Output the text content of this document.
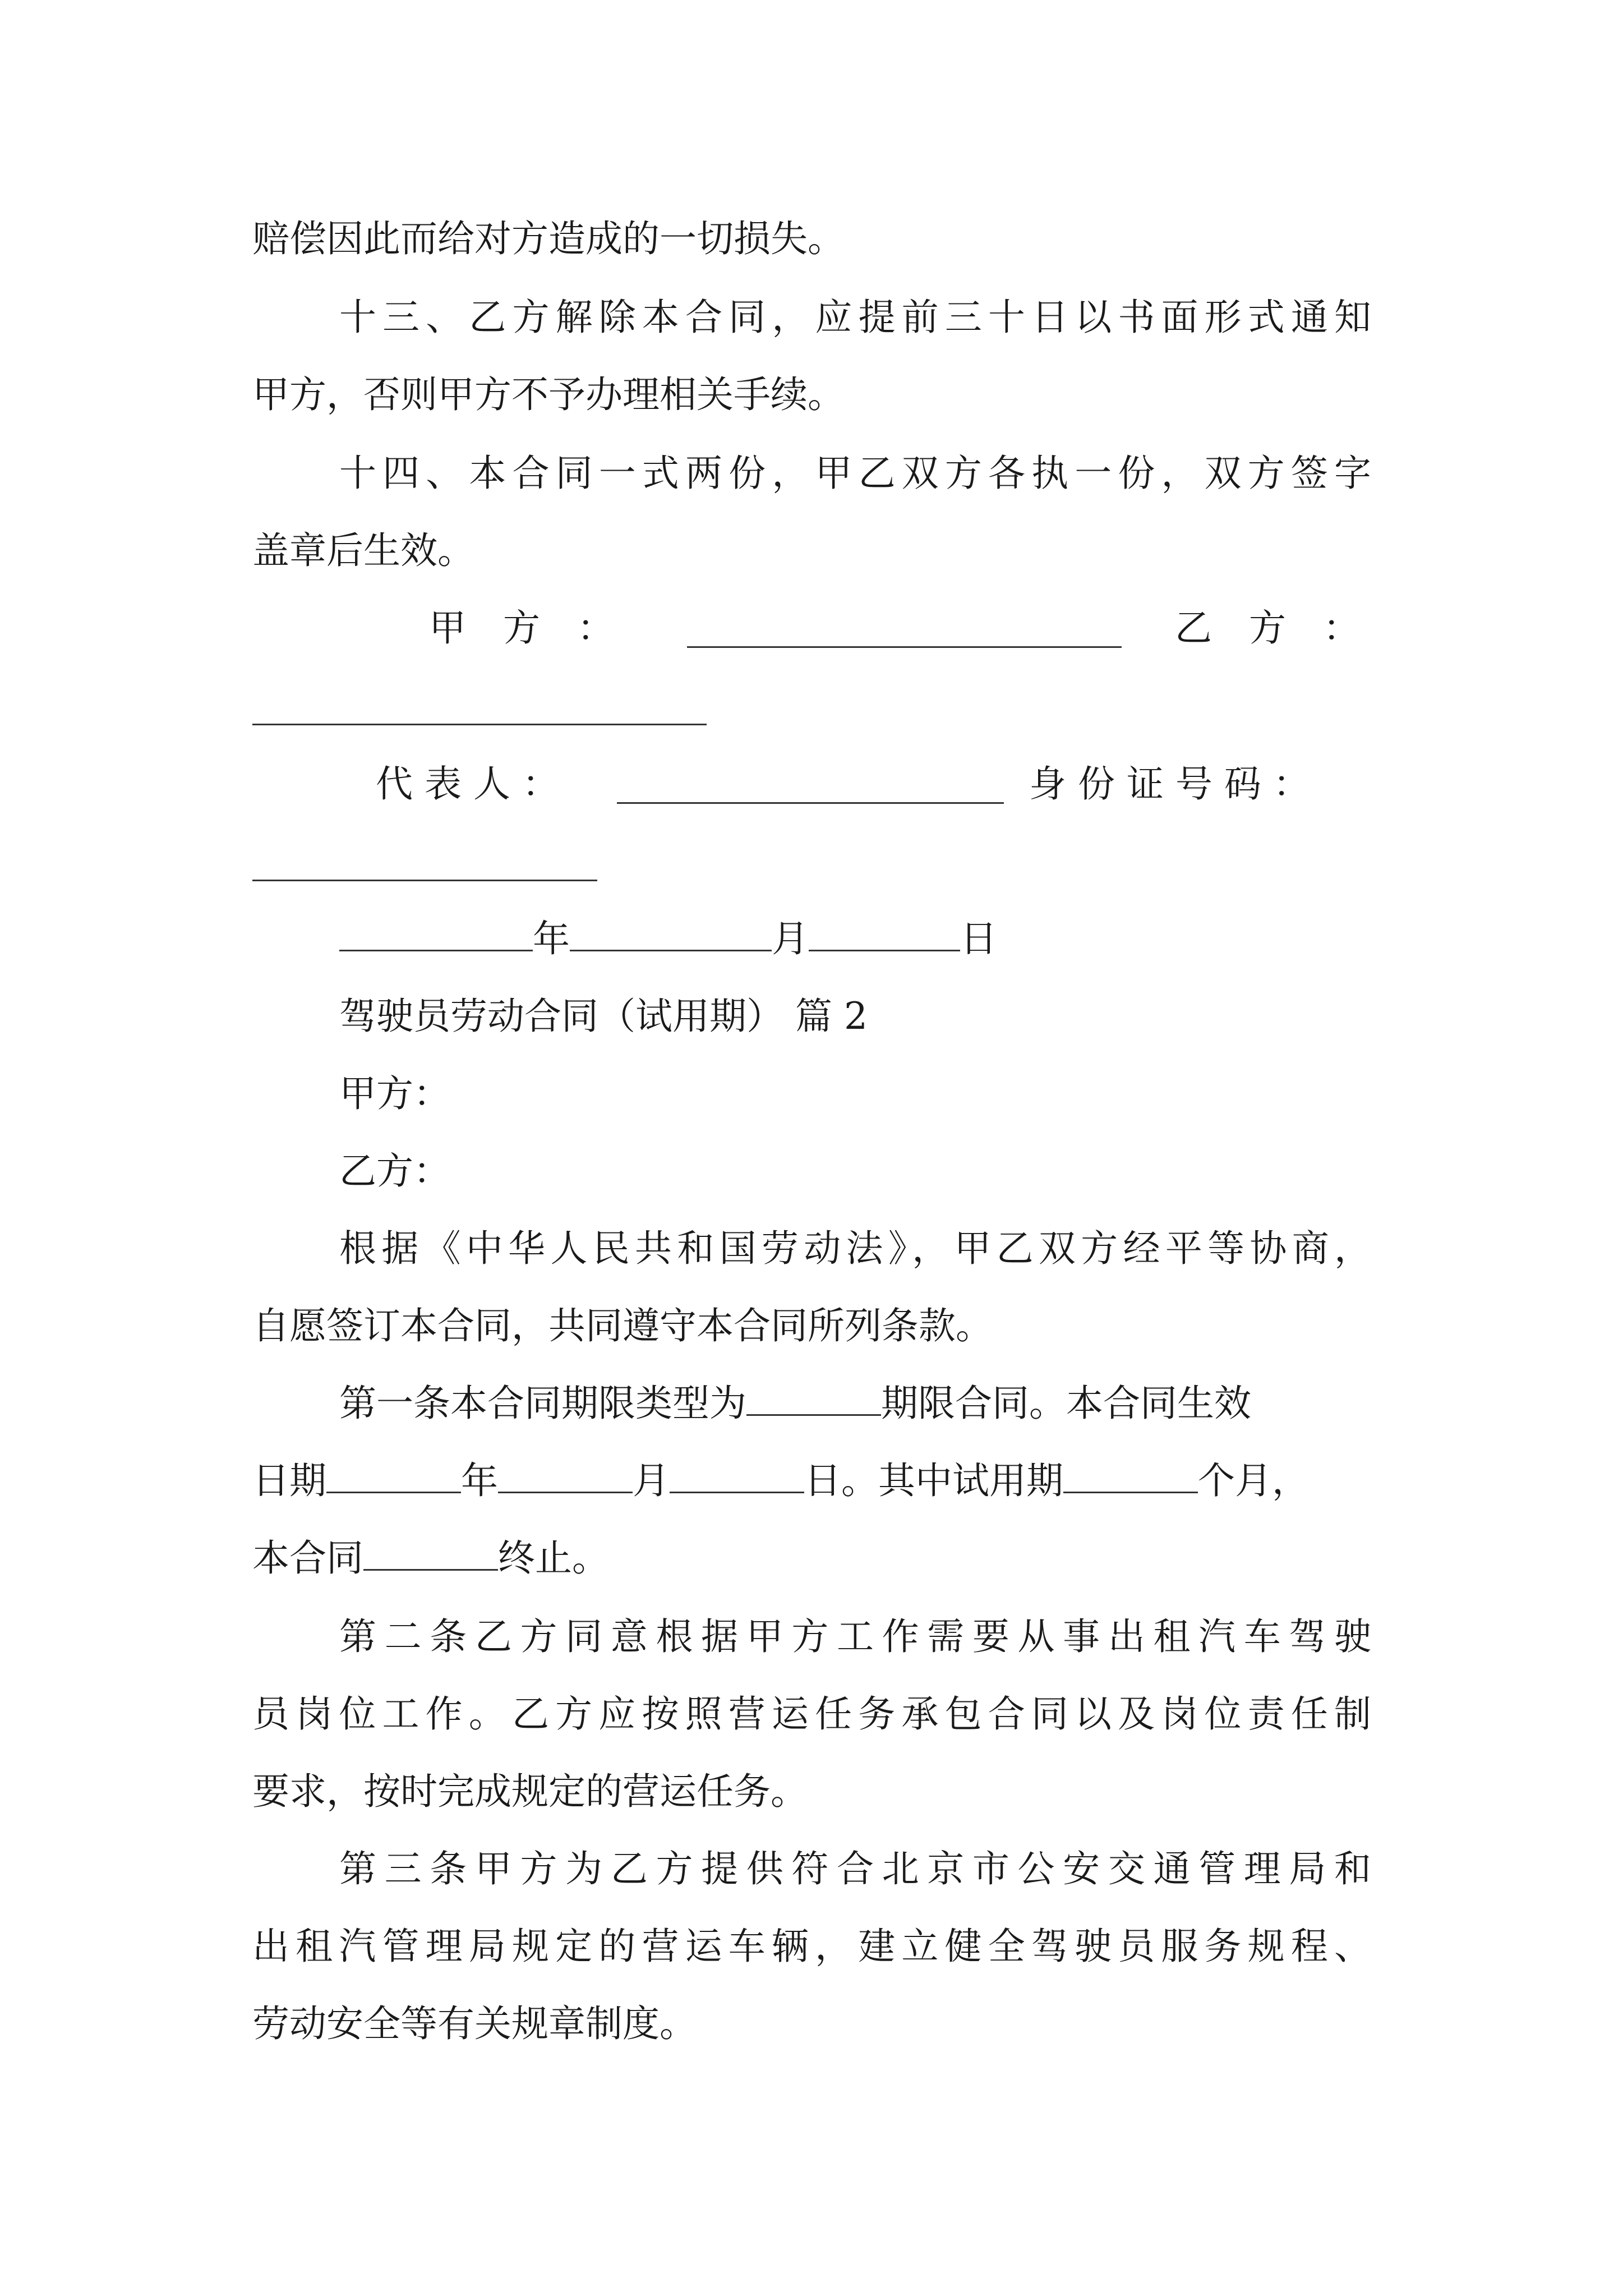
赔偿因此而给对方造成的一切损失。
十三、乙方解除本合同，应提前三十日以书面形式通知
甲方，否则甲方不予办理相关手续。
十四、本合同一式两份，甲乙双方各执一份，双方签字
盖章后生效。
甲　方　：	乙　方　：
代 表 人 ：	身 份 证 号 码 ：
年	月	日
驾驶员劳动合同（试用期） 篇 2
甲方：
乙方：
根据《中华人民共和国劳动法》，甲乙双方经平等协商，
自愿签订本合同，共同遵守本合同所列条款。
第一条本合同期限类型为	期限合同。本合同生效
日期	年	月	日。其中试用期	个月，
本合同	终止。
第二条乙方同意根据甲方工作需要从事出租汽车驾驶
员岗位工作。乙方应按照营运任务承包合同以及岗位责任制
要求，按时完成规定的营运任务。
第三条甲方为乙方提供符合北京市公安交通管理局和
出租汽管理局规定的营运车辆，建立健全驾驶员服务规程、
劳动安全等有关规章制度。
